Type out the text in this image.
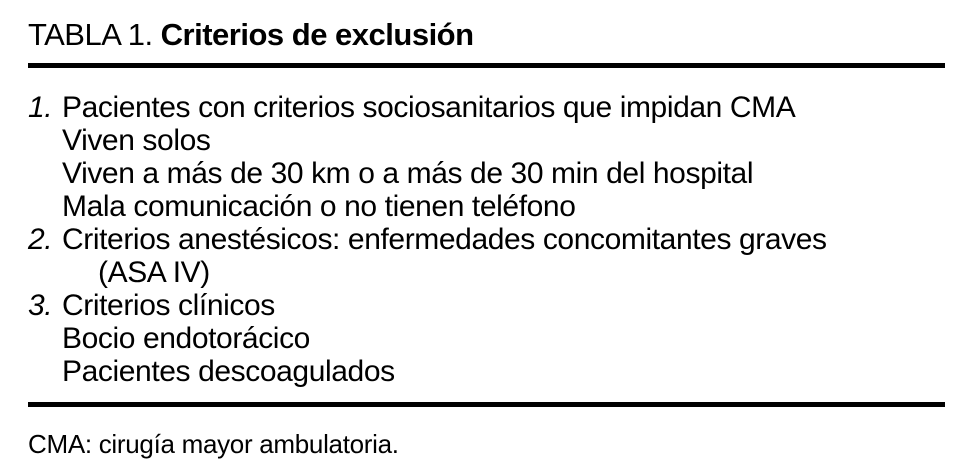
TABLA 1. Criterios de exclusión
1. Pacientes con criterios sociosanitarios que impidan CMA
Viven solos
Viven a más de 30 km o a más de 30 min del hospital
Mala comunicación o no tienen teléfono
2. Criterios anestésicos: enfermedades concomitantes graves
(ASA IV)
3. Criterios clínicos
Bocio endotorácico
Pacientes descoagulados
CMA: cirugía mayor ambulatoria.
